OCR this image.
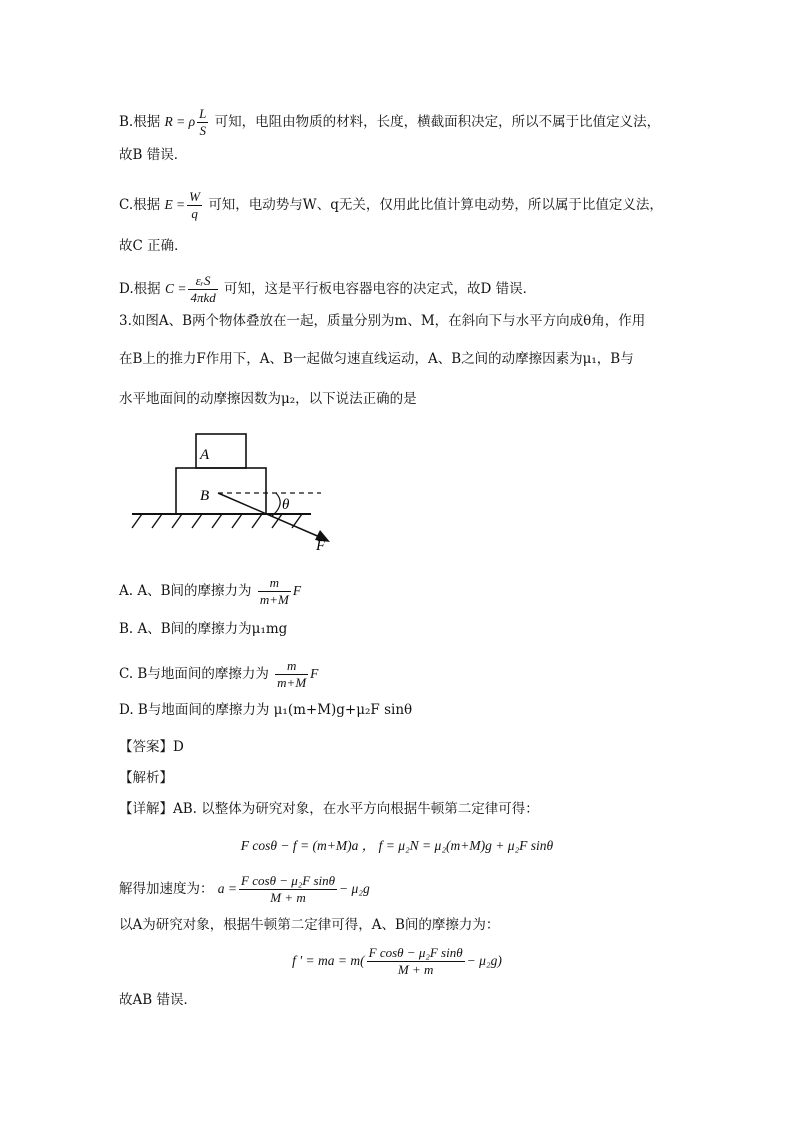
B.根据 R = ρ $\frac{L}{S}$ 可知，电阻由物质的材料，长度，横截面积决定，所以不属于比值定义法，
故B 错误．
C.根据 $E = \frac{W}{q}$ 可知，电动势与W、q无关，仅用此比值计算电动势，所以属于比值定义法，
故C 正确．
D.根据 $C = \frac{\text{εᵣS}}{\text{4πkd}}$ 可知，这是平行板电容器电容的决定式，故D 错误．
3.如图A、B两个物体叠放在一起，质量分别为m、M，在斜向下与水平方向成θ角，作用
在B上的推力F作用下，A、B一起做匀速直线运动，A、B之间的动摩擦因素为μ₁，B与
水平地面间的动摩擦因数为μ₂，以下说法正确的是
A
B
θ
F
A. A、B间的摩擦力为 $\frac{m}{m+M}$ F
B. A、B间的摩擦力为μ₁mg
C. B与地面间的摩擦力为 $\frac{m}{m+M}$ F
D. B与地面间的摩擦力为 μ₁(m+M)g+μ₂F sinθ
【答案】D
【解析】
【详解】AB. 以整体为研究对象，在水平方向根据牛顿第二定律可得：
F cosθ − f = (m+M)a ， f = μ₂N = μ₂(m+M)g + μ₂F sinθ
解得加速度为： $a = \frac{\text{F cosθ − μ₂F sinθ}}{M + m} - \mu_2g$
以A为研究对象，根据牛顿第二定律可得，A、B间的摩擦力为：
f ' = ma = $m( \frac{\text{F cosθ − μ₂F sinθ}}{M + m} - \mu_2g)$
故AB 错误．
